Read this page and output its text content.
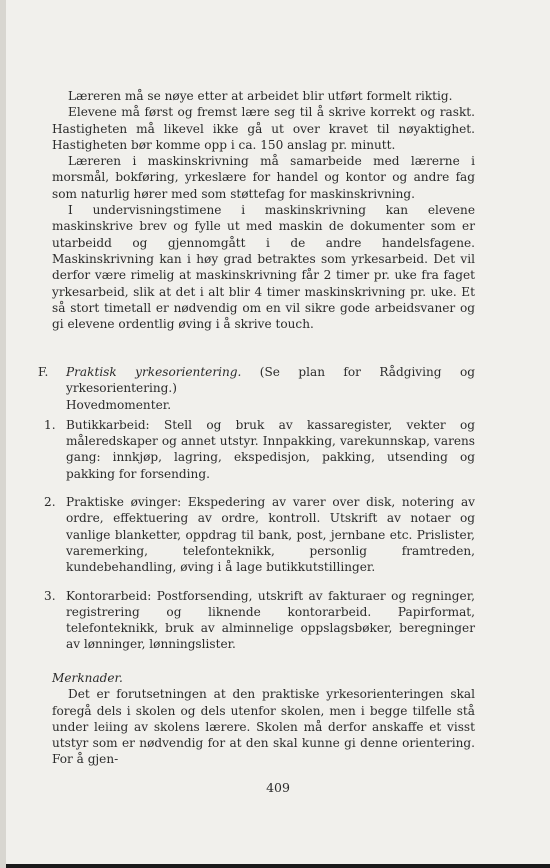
Læreren må se nøye etter at arbeidet blir utført formelt riktig.

Elevene må først og fremst lære seg til å skrive korrekt og raskt. Hastigheten må likevel ikke gå ut over kravet til nøyaktighet. Hastigheten bør komme opp i ca. 150 anslag pr. minutt.

Læreren i maskinskrivning må samarbeide med lærerne i morsmål, bokføring, yrkeslære for handel og kontor og andre fag som naturlig hører med som støttefag for maskinskrivning.

I undervisningstimene i maskinskrivning kan elevene maskinskrive brev og fylle ut med maskin de dokumenter som er utarbeidd og gjennomgått i de andre handelsfagene. Maskinskrivning kan i høy grad betraktes som yrkesarbeid. Det vil derfor være rimelig at maskinskrivning får 2 timer pr. uke fra faget yrkesarbeid, slik at det i alt blir 4 timer maskinskrivning pr. uke. Et så stort timetall er nødvendig om en vil sikre gode arbeidsvaner og gi elevene ordentlig øving i å skrive touch.

F. Praktisk yrkesorientering. (Se plan for Rådgiving og yrkesorientering.)

Hovedmomenter.

1. Butikkarbeid: Stell og bruk av kassaregister, vekter og måleredskaper og annet utstyr. Innpakking, varekunnskap, varens gang: innkjøp, lagring, ekspedisjon, pakking, utsending og pakking for forsending.

2. Praktiske øvinger: Ekspedering av varer over disk, notering av ordre, effektuering av ordre, kontroll. Utskrift av notaer og vanlige blanketter, oppdrag til bank, post, jernbane etc. Prislister, varemerking, telefonteknikk, personlig framtreden, kundebehandling, øving i å lage butikkutstillinger.

3. Kontorarbeid: Postforsending, utskrift av fakturaer og regninger, registrering og liknende kontorarbeid. Papirformat, telefonteknikk, bruk av alminnelige oppslagsbøker, beregninger av lønninger, lønningslister.

Merknader.

Det er forutsetningen at den praktiske yrkesorienteringen skal foregå dels i skolen og dels utenfor skolen, men i begge tilfelle stå under leiing av skolens lærere. Skolen må derfor anskaffe et visst utstyr som er nødvendig for at den skal kunne gi denne orientering. For å gjen-

409
